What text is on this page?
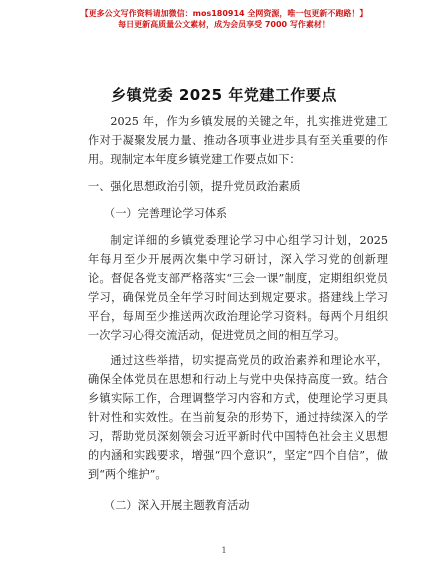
【更多公文写作资料请加微信：mos180914 全网资源，唯一包更新不跑路！】
每日更新高质量公文素材，成为会员享受 7000 写作素材！
乡镇党委 2025 年党建工作要点

2025 年，作为乡镇发展的关键之年，扎实推进党建工作对于凝聚发展力量、推动各项事业进步具有至关重要的作用。现制定本年度乡镇党建工作要点如下：

一、强化思想政治引领，提升党员政治素质
（一）完善理论学习体系

制定详细的乡镇党委理论学习中心组学习计划，2025 年每月至少开展两次集中学习研讨，深入学习党的创新理论。督促各党支部严格落实“三会一课”制度，定期组织党员学习，确保党员全年学习时间达到规定要求。搭建线上学习平台，每周至少推送两次政治理论学习资料。每两个月组织一次学习心得交流活动，促进党员之间的相互学习。

通过这些举措，切实提高党员的政治素养和理论水平，确保全体党员在思想和行动上与党中央保持高度一致。结合乡镇实际工作，合理调整学习内容和方式，使理论学习更具针对性和实效性。在当前复杂的形势下，通过持续深入的学习，帮助党员深刻领会习近平新时代中国特色社会主义思想的内涵和实践要求，增强“四个意识”，坚定“四个自信”，做到“两个维护”。

（二）深入开展主题教育活动
1
